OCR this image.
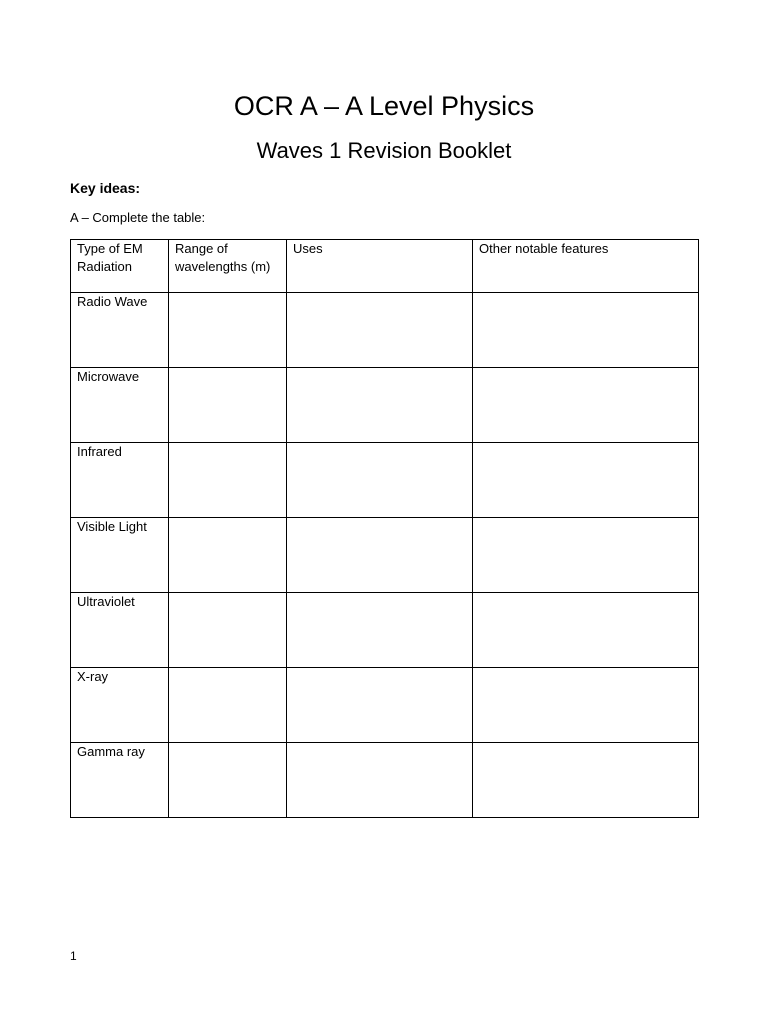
OCR A – A Level Physics
Waves 1 Revision Booklet
Key ideas:
A – Complete the table:
Type of EM Radiation	Range of wavelengths (m)	Uses	Other notable features
Radio Wave			
Microwave			
Infrared			
Visible Light			
Ultraviolet			
X-ray			
Gamma ray			
1
